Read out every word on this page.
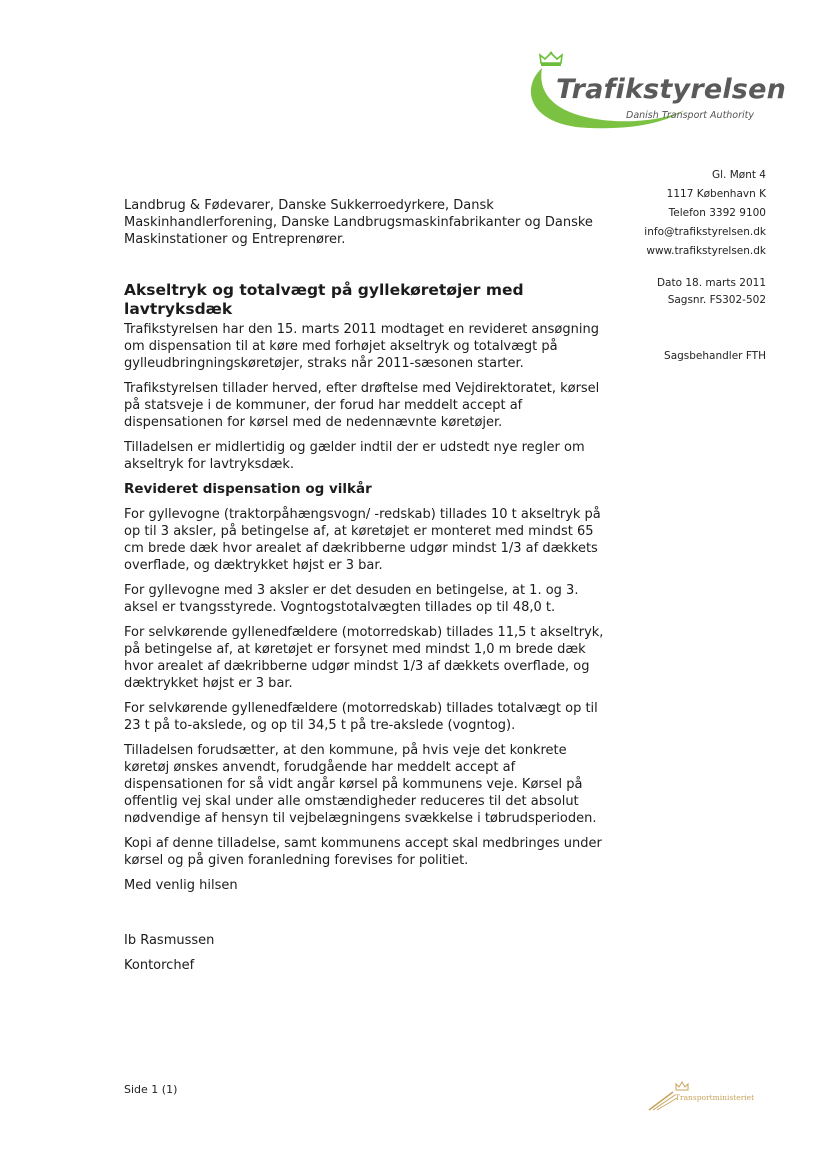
Trafikstyrelsen
Danish Transport Authority
Gl. Mønt 4
1117 København K
Telefon 3392 9100
info@trafikstyrelsen.dk
www.trafikstyrelsen.dk
Dato 18. marts 2011
Sagsnr. FS302-502
Sagsbehandler FTH
Landbrug & Fødevarer, Danske Sukkerroedyrkere, Dansk Maskinhandlerforening, Danske Landbrugsmaskinfabrikanter og Danske Maskinstationer og Entreprenører.
Akseltryk og totalvægt på gyllekøretøjer med lavtryksdæk

Trafikstyrelsen har den 15. marts 2011 modtaget en revideret ansøgning om dispensation til at køre med forhøjet akseltryk og totalvægt på gylleudbringningskøretøjer, straks når 2011-sæsonen starter.

Trafikstyrelsen tillader herved, efter drøftelse med Vejdirektoratet, kørsel på statsveje i de kommuner, der forud har meddelt accept af dispensationen for kørsel med de nedennævnte køretøjer.

Tilladelsen er midlertidig og gælder indtil der er udstedt nye regler om akseltryk for lavtryksdæk.

Revideret dispensation og vilkår

For gyllevogne (traktorpåhængsvogn/ -redskab) tillades 10 t akseltryk på op til 3 aksler, på betingelse af, at køretøjet er monteret med mindst 65 cm brede dæk hvor arealet af dækribberne udgør mindst 1/3 af dækkets overflade, og dæktrykket højst er 3 bar.

For gyllevogne med 3 aksler er det desuden en betingelse, at 1. og 3. aksel er tvangsstyrede. Vogntogstotalvægten tillades op til 48,0 t.

For selvkørende gyllenedfældere (motorredskab) tillades 11,5 t akseltryk, på betingelse af, at køretøjet er forsynet med mindst 1,0 m brede dæk hvor arealet af dækribberne udgør mindst 1/3 af dækkets overflade, og dæktrykket højst er 3 bar.

For selvkørende gyllenedfældere (motorredskab) tillades totalvægt op til 23 t på to-akslede, og op til 34,5 t på tre-akslede (vogntog).

Tilladelsen forudsætter, at den kommune, på hvis veje det konkrete køretøj ønskes anvendt, forudgående har meddelt accept af dispensationen for så vidt angår kørsel på kommunens veje. Kørsel på offentlig vej skal under alle omstændigheder reduceres til det absolut nødvendige af hensyn til vejbelægningens svækkelse i tøbrudsperioden.

Kopi af denne tilladelse, samt kommunens accept skal medbringes under kørsel og på given foranledning forevises for politiet.

Med venlig hilsen

Ib Rasmussen

Kontorchef

Side 1 (1)
Transportministeriet
